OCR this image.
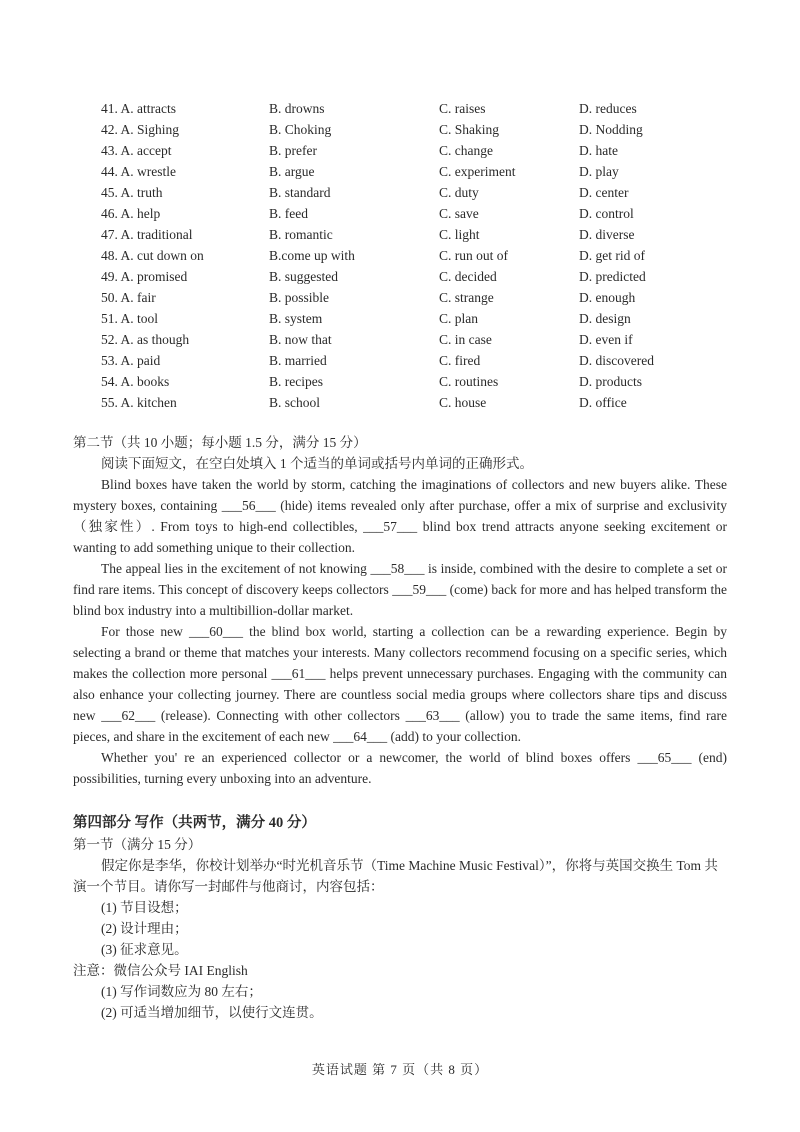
41. A. attracts	B. drowns	C. raises	D. reduces
42. A. Sighing	B. Choking	C. Shaking	D. Nodding
43. A. accept	B. prefer	C. change	D. hate
44. A. wrestle	B. argue	C. experiment	D. play
45. A. truth	B. standard	C. duty	D. center
46. A. help	B. feed	C. save	D. control
47. A. traditional	B. romantic	C. light	D. diverse
48. A. cut down on	B.come up with	C. run out of	D. get rid of
49. A. promised	B. suggested	C. decided	D. predicted
50. A. fair	B. possible	C. strange	D. enough
51. A. tool	B. system	C. plan	D. design
52. A. as though	B. now that	C. in case	D. even if
53. A. paid	B. married	C. fired	D. discovered
54. A. books	B. recipes	C. routines	D. products
55. A. kitchen	B. school	C. house	D. office

第二节（共 10 小题；每小题 1.5 分，满分 15 分）

阅读下面短文，在空白处填入 1 个适当的单词或括号内单词的正确形式。

Blind boxes have taken the world by storm, catching the imaginations of collectors and new buyers alike. These mystery boxes, containing ___56___ (hide) items revealed only after purchase, offer a mix of surprise and exclusivity（独家性）. From toys to high-end collectibles, ___57___ blind box trend attracts anyone seeking excitement or wanting to add something unique to their collection.

The appeal lies in the excitement of not knowing ___58___ is inside, combined with the desire to complete a set or find rare items. This concept of discovery keeps collectors ___59___ (come) back for more and has helped transform the blind box industry into a multibillion-dollar market.

For those new ___60___ the blind box world, starting a collection can be a rewarding experience. Begin by selecting a brand or theme that matches your interests. Many collectors recommend focusing on a specific series, which makes the collection more personal ___61___ helps prevent unnecessary purchases. Engaging with the community can also enhance your collecting journey. There are countless social media groups where collectors share tips and discuss new ___62___ (release). Connecting with other collectors ___63___ (allow) you to trade the same items, find rare pieces, and share in the excitement of each new ___64___ (add) to your collection.

Whether you' re an experienced collector or a newcomer, the world of blind boxes offers ___65___ (end) possibilities, turning every unboxing into an adventure.

第四部分 写作（共两节，满分 40 分）

第一节（满分 15 分）

假定你是李华，你校计划举办“时光机音乐节（Time Machine Music Festival）”，你将与英国交换生 Tom 共演一个节目。请你写一封邮件与他商讨，内容包括：

(1) 节目设想；

(2) 设计理由；

(3) 征求意见。

注意：微信公众号 IAI English

(1) 写作词数应为 80 左右；

(2) 可适当增加细节，以使行文连贯。

英语试题 第 7 页（共 8 页）
